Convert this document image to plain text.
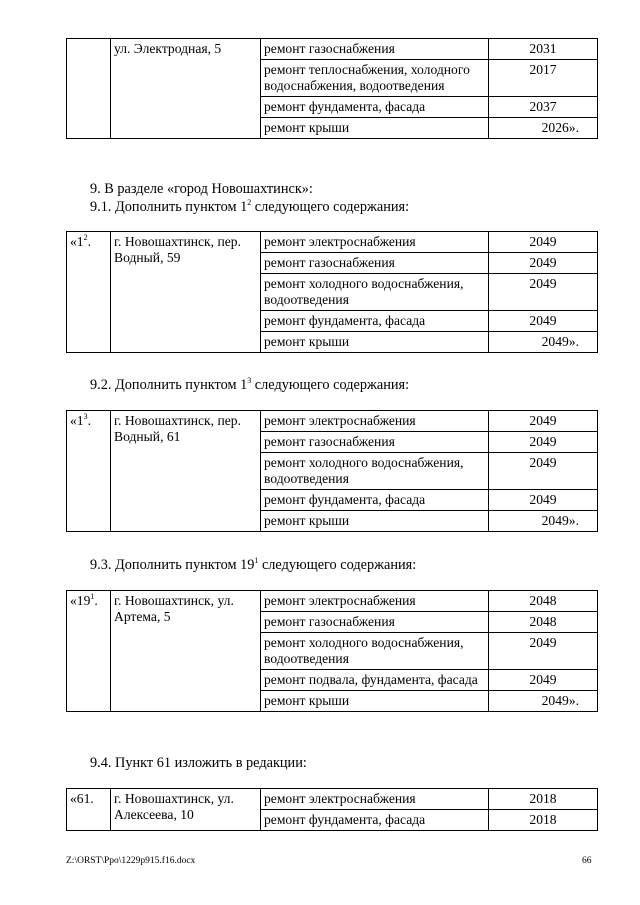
	ул. Электродная, 5	ремонт газоснабжения	2031
		ремонт теплоснабжения, холодного водоснабжения, водоотведения	2017
		ремонт фундамента, фасада	2037
		ремонт крыши	2026».
9. В разделе «город Новошахтинск»:
9.1. Дополнить пунктом $1^2$ следующего содержания:
«$1^2$.	г. Новошахтинск, пер. Водный, 59	ремонт электроснабжения	2049
		ремонт газоснабжения	2049
		ремонт холодного водоснабжения, водоотведения	2049
		ремонт фундамента, фасада	2049
		ремонт крыши	2049».
9.2. Дополнить пунктом $1^3$ следующего содержания:
«$1^3$.	г. Новошахтинск, пер. Водный, 61	ремонт электроснабжения	2049
		ремонт газоснабжения	2049
		ремонт холодного водоснабжения, водоотведения	2049
		ремонт фундамента, фасада	2049
		ремонт крыши	2049».
9.3. Дополнить пунктом $19^1$ следующего содержания:
«$19^1$.	г. Новошахтинск, ул. Артема, 5	ремонт электроснабжения	2048
		ремонт газоснабжения	2048
		ремонт холодного водоснабжения, водоотведения	2049
		ремонт подвала, фундамента, фасада	2049
		ремонт крыши	2049».
9.4. Пункт 61 изложить в редакции:
«61.	г. Новошахтинск, ул. Алексеева, 10	ремонт электроснабжения	2018
		ремонт фундамента, фасада	2018
Z:\ORST\Ppo\1229p915.f16.docx	66
